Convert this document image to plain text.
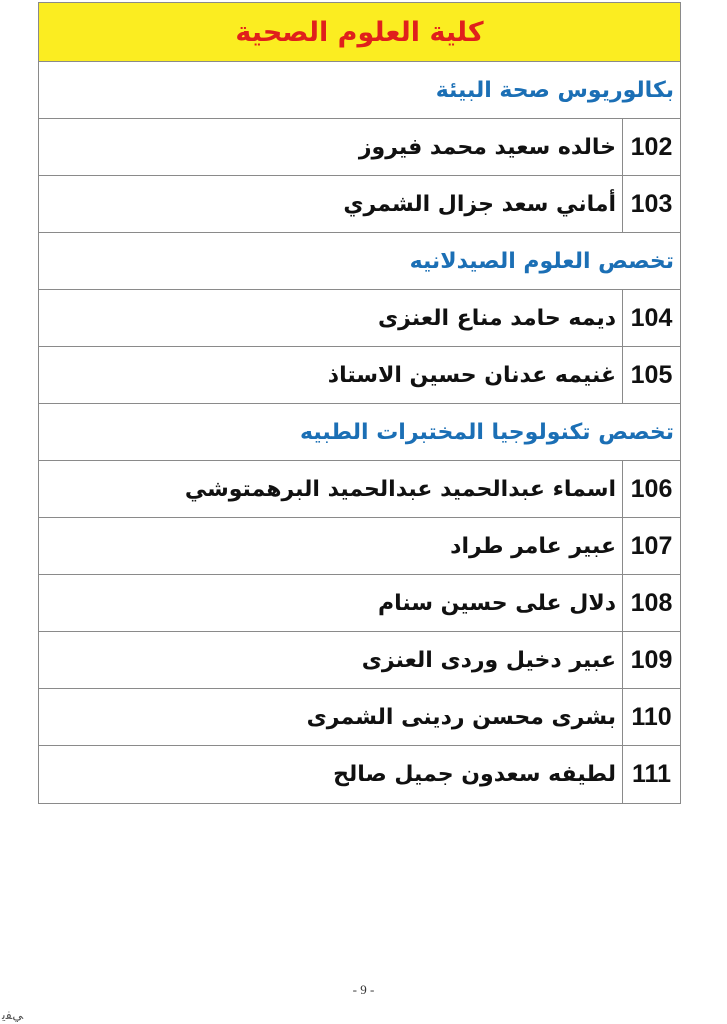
كلية العلوم الصحية
بكالوريوس صحة البيئة
102
خالده سعيد محمد فيروز
103
أماني سعد جزال الشمري
تخصص العلوم الصيدلانيه
104
ديمه حامد مناع العنزى
105
غنيمه عدنان حسين الاستاذ
تخصص تكنولوجيا المختبرات الطبيه
106
اسماء عبدالحميد عبدالحميد البرهمتوشي
107
عبير عامر طراد
108
دلال على حسين سنام
109
عبير دخيل وردى العنزى
110
بشرى محسن ردينى الشمرى
111
لطيفه سعدون جميل صالح
- 9 -
ﻲﻔﻳ
